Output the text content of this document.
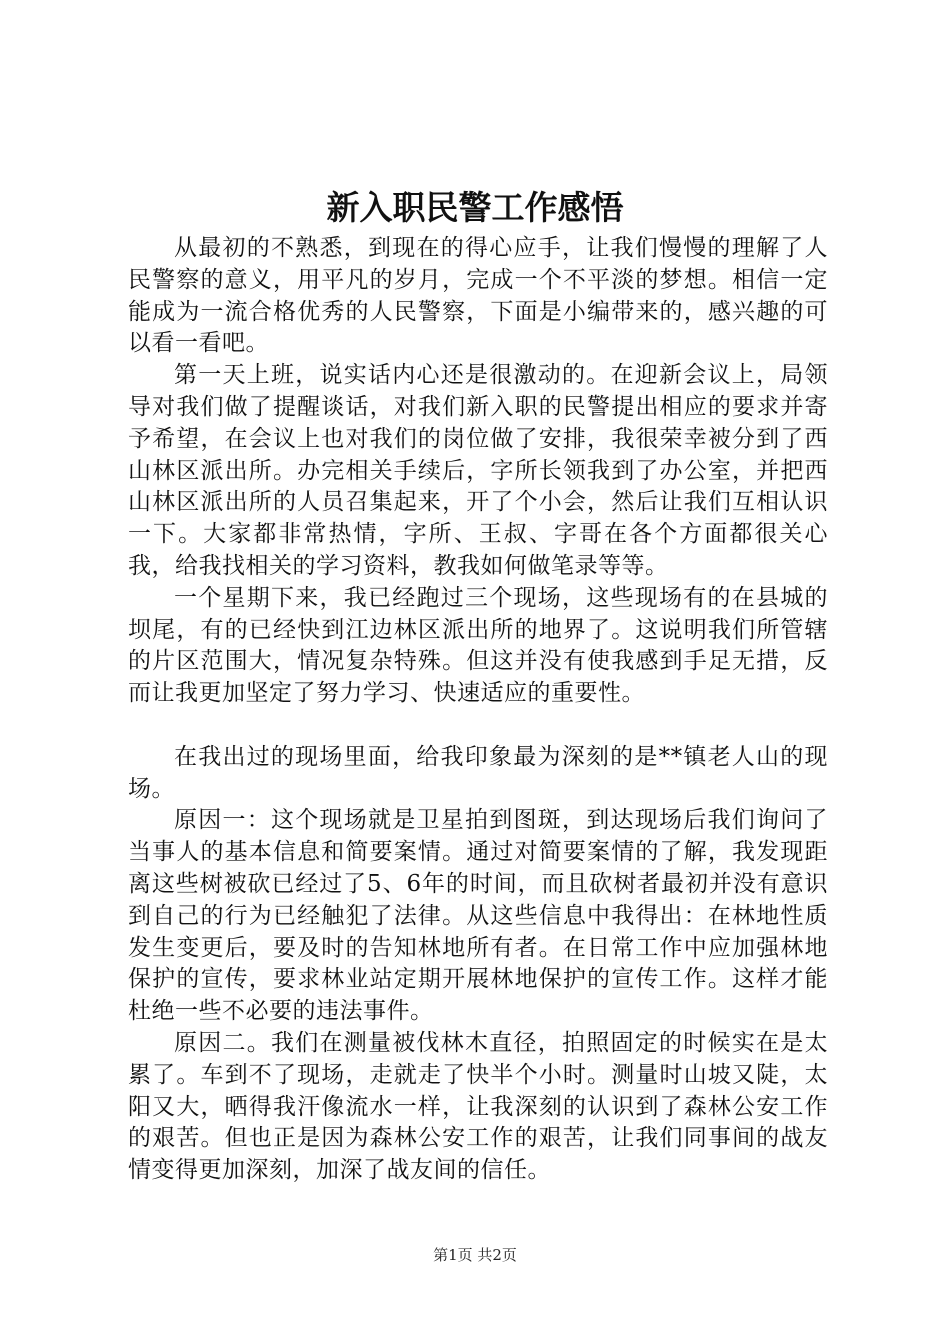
新入职民警工作感悟

从最初的不熟悉，到现在的得心应手，让我们慢慢的理解了人民警察的意义，用平凡的岁月，完成一个不平淡的梦想。相信一定能成为一流合格优秀的人民警察，下面是小编带来的，感兴趣的可以看一看吧。

第一天上班，说实话内心还是很激动的。在迎新会议上，局领导对我们做了提醒谈话，对我们新入职的民警提出相应的要求并寄予希望，在会议上也对我们的岗位做了安排，我很荣幸被分到了西山林区派出所。办完相关手续后，字所长领我到了办公室，并把西山林区派出所的人员召集起来，开了个小会，然后让我们互相认识一下。大家都非常热情，字所、王叔、字哥在各个方面都很关心我，给我找相关的学习资料，教我如何做笔录等等。

一个星期下来，我已经跑过三个现场，这些现场有的在县城的坝尾，有的已经快到江边林区派出所的地界了。这说明我们所管辖的片区范围大，情况复杂特殊。但这并没有使我感到手足无措，反而让我更加坚定了努力学习、快速适应的重要性。

在我出过的现场里面，给我印象最为深刻的是**镇老人山的现场。

原因一：这个现场就是卫星拍到图斑，到达现场后我们询问了当事人的基本信息和简要案情。通过对简要案情的了解，我发现距离这些树被砍已经过了5、6年的时间，而且砍树者最初并没有意识到自己的行为已经触犯了法律。从这些信息中我得出：在林地性质发生变更后，要及时的告知林地所有者。在日常工作中应加强林地保护的宣传，要求林业站定期开展林地保护的宣传工作。这样才能杜绝一些不必要的违法事件。

原因二。我们在测量被伐林木直径，拍照固定的时候实在是太累了。车到不了现场，走就走了快半个小时。测量时山坡又陡，太阳又大，晒得我汗像流水一样，让我深刻的认识到了森林公安工作的艰苦。但也正是因为森林公安工作的艰苦，让我们同事间的战友情变得更加深刻，加深了战友间的信任。

第1页 共2页
